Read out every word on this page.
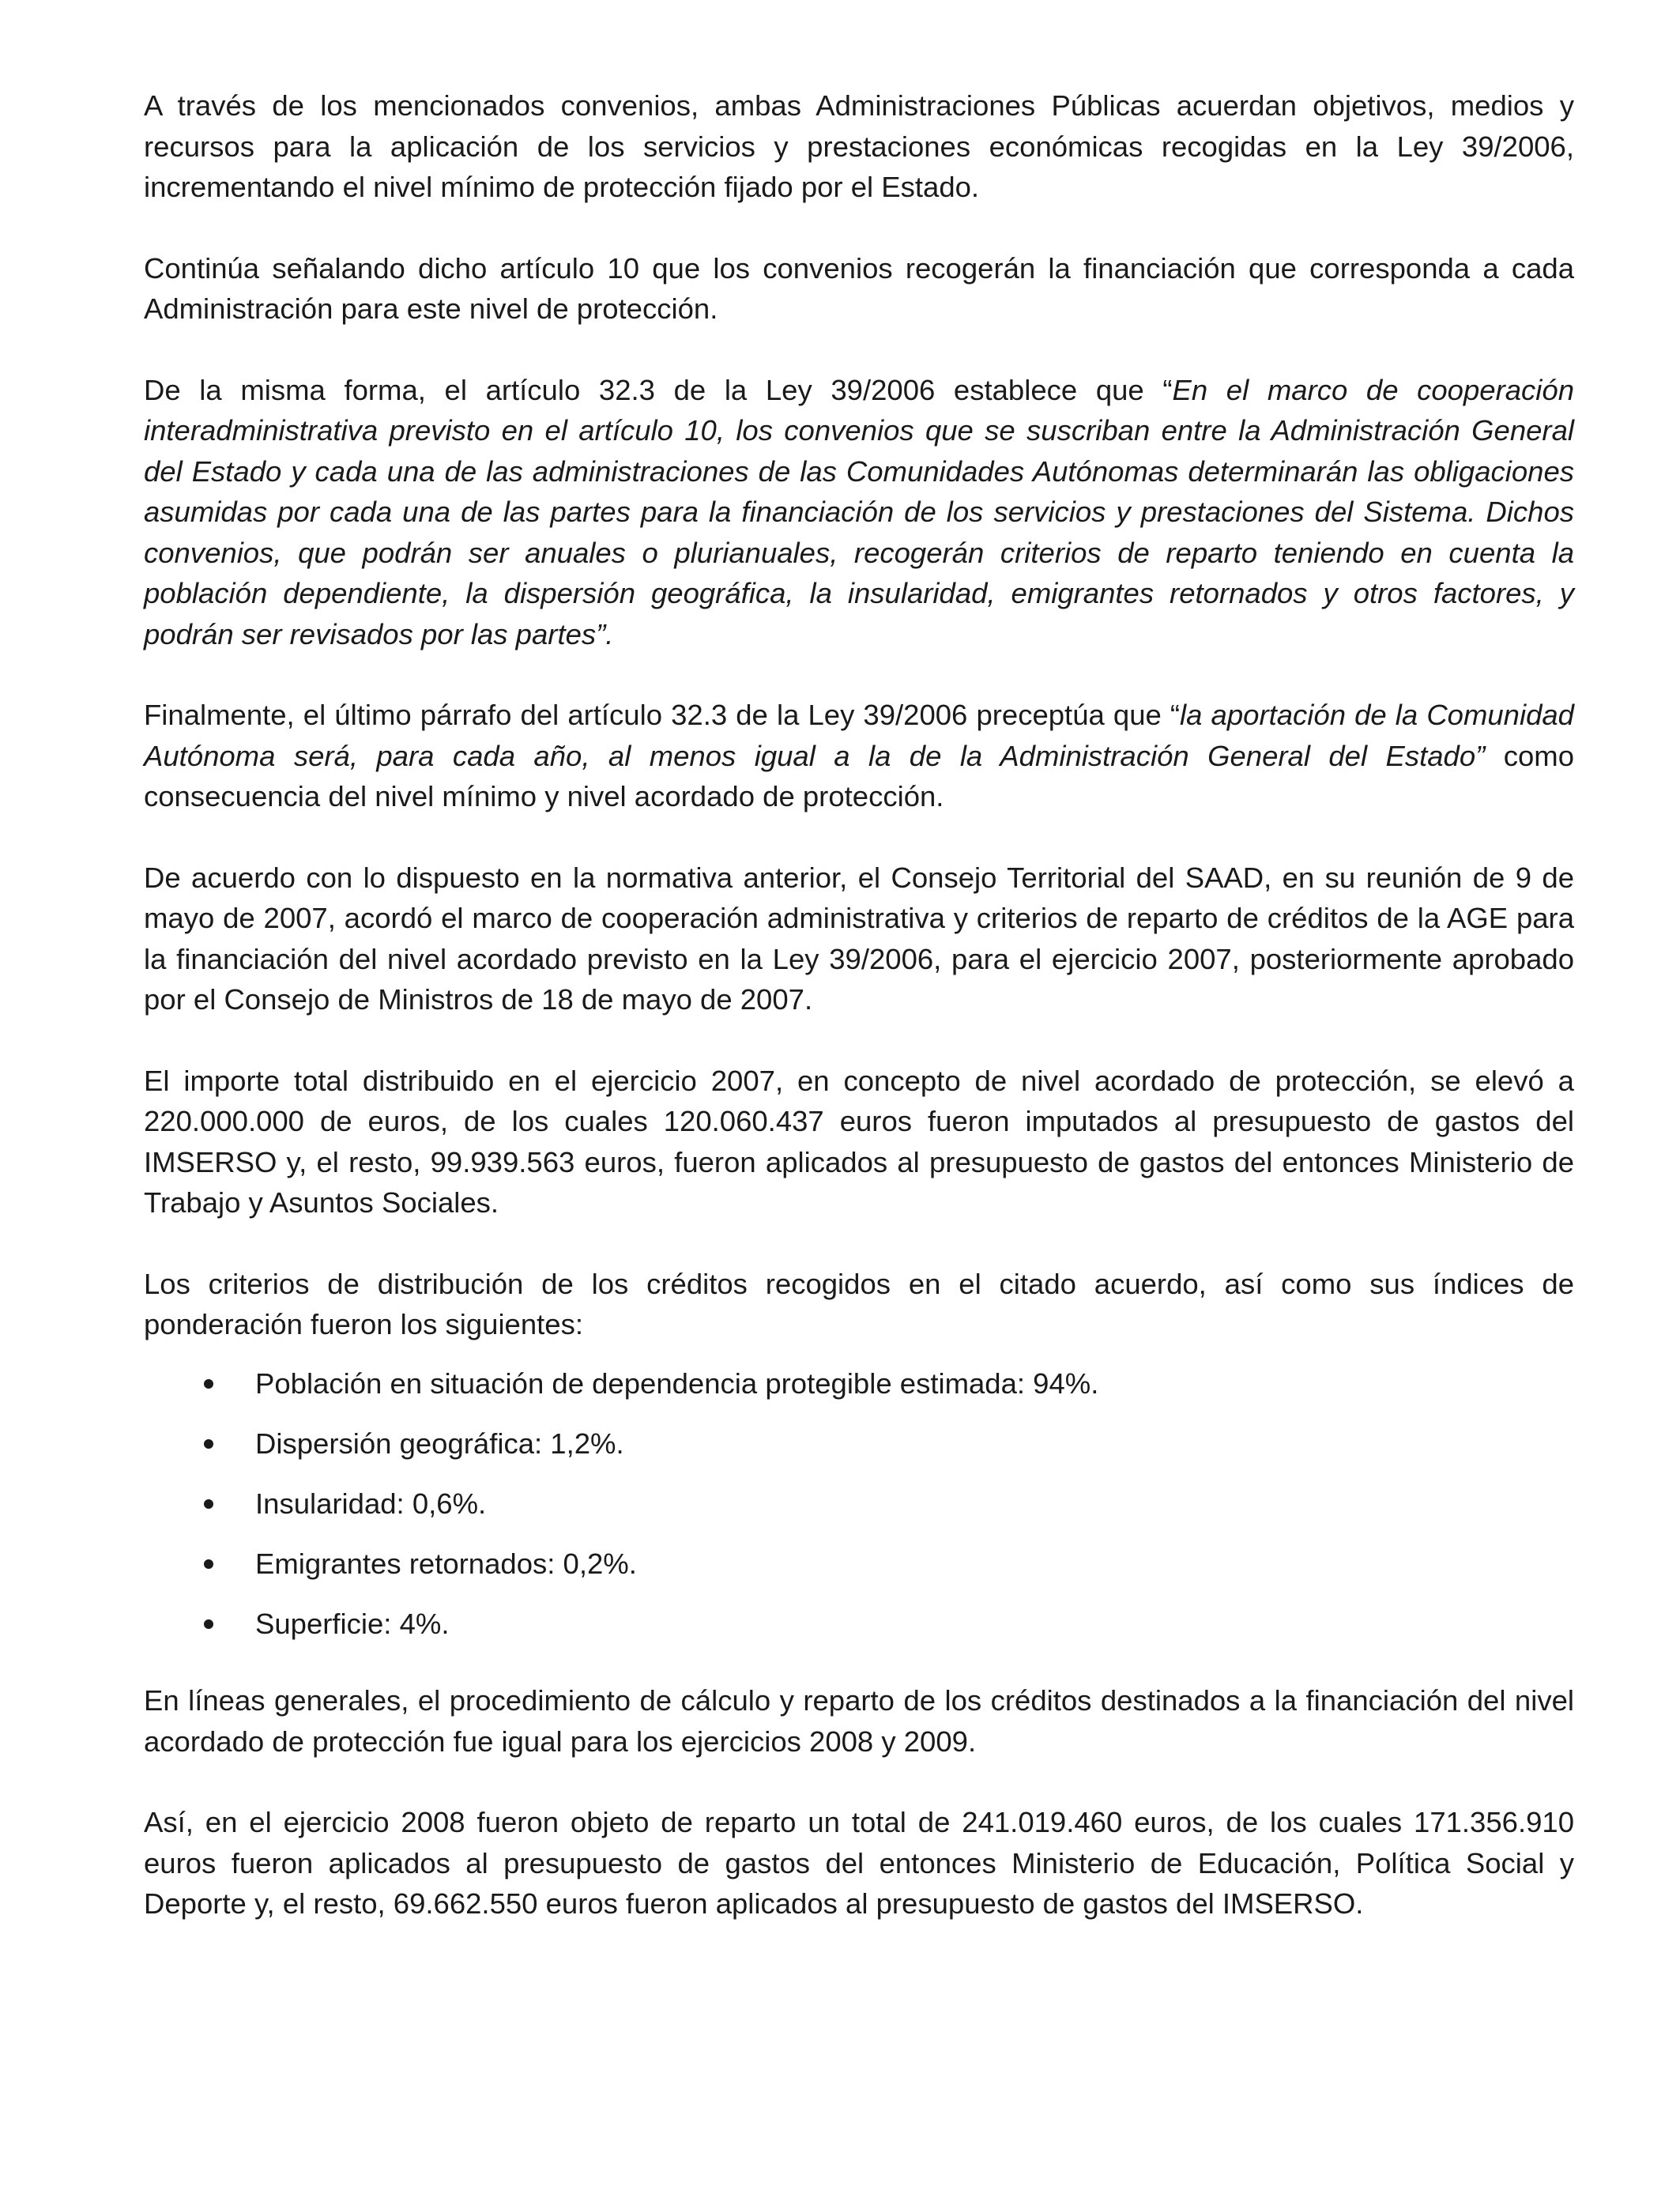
A través de los mencionados convenios, ambas Administraciones Públicas acuerdan objetivos, medios y recursos para la aplicación de los servicios y prestaciones económicas recogidas en la Ley 39/2006, incrementando el nivel mínimo de protección fijado por el Estado.

Continúa señalando dicho artículo 10 que los convenios recogerán la financiación que corresponda a cada Administración para este nivel de protección.

De la misma forma, el artículo 32.3 de la Ley 39/2006 establece que “En el marco de cooperación interadministrativa previsto en el artículo 10, los convenios que se suscriban entre la Administración General del Estado y cada una de las administraciones de las Comunidades Autónomas determinarán las obligaciones asumidas por cada una de las partes para la financiación de los servicios y prestaciones del Sistema. Dichos convenios, que podrán ser anuales o plurianuales, recogerán criterios de reparto teniendo en cuenta la población dependiente, la dispersión geográfica, la insularidad, emigrantes retornados y otros factores, y podrán ser revisados por las partes”.

Finalmente, el último párrafo del artículo 32.3 de la Ley 39/2006 preceptúa que “la aportación de la Comunidad Autónoma será, para cada año, al menos igual a la de la Administración General del Estado” como consecuencia del nivel mínimo y nivel acordado de protección.

De acuerdo con lo dispuesto en la normativa anterior, el Consejo Territorial del SAAD, en su reunión de 9 de mayo de 2007, acordó el marco de cooperación administrativa y criterios de reparto de créditos de la AGE para la financiación del nivel acordado previsto en la Ley 39/2006, para el ejercicio 2007, posteriormente aprobado por el Consejo de Ministros de 18 de mayo de 2007.

El importe total distribuido en el ejercicio 2007, en concepto de nivel acordado de protección, se elevó a 220.000.000 de euros, de los cuales 120.060.437 euros fueron imputados al presupuesto de gastos del IMSERSO y, el resto, 99.939.563 euros, fueron aplicados al presupuesto de gastos del entonces Ministerio de Trabajo y Asuntos Sociales.

Los criterios de distribución de los créditos recogidos en el citado acuerdo, así como sus índices de ponderación fueron los siguientes:

Población en situación de dependencia protegible estimada: 94%.
Dispersión geográfica: 1,2%.
Insularidad: 0,6%.
Emigrantes retornados: 0,2%.
Superficie: 4%.

En líneas generales, el procedimiento de cálculo y reparto de los créditos destinados a la financiación del nivel acordado de protección fue igual para los ejercicios 2008 y 2009.

Así, en el ejercicio 2008 fueron objeto de reparto un total de 241.019.460 euros, de los cuales 171.356.910 euros fueron aplicados al presupuesto de gastos del entonces Ministerio de Educación, Política Social y Deporte y, el resto, 69.662.550 euros fueron aplicados al presupuesto de gastos del IMSERSO.
